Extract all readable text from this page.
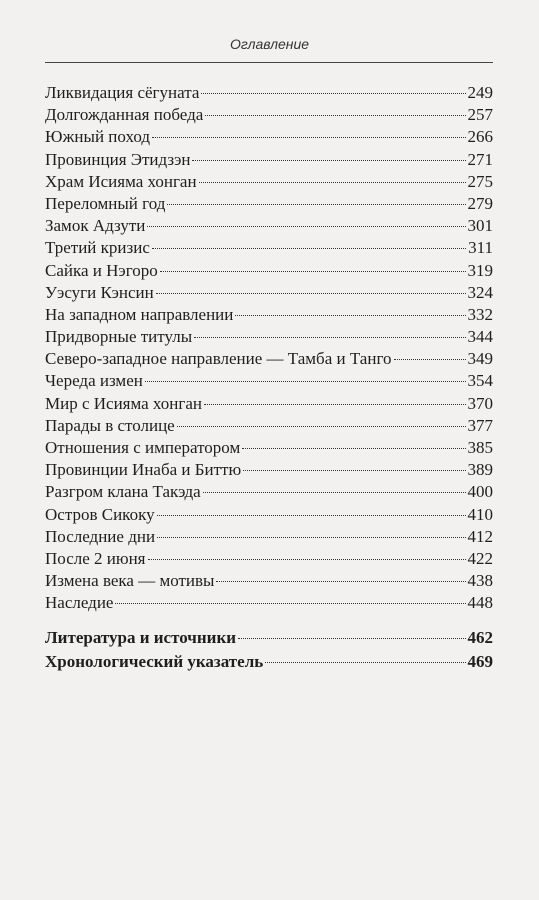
Оглавление
Ликвидация сёгуната	249
Долгожданная победа	257
Южный поход	266
Провинция Этидзэн	271
Храм Исияма хонган	275
Переломный год	279
Замок Адзути	301
Третий кризис	311
Сайка и Нэгоро	319
Уэсуги Кэнсин	324
На западном направлении	332
Придворные титулы	344
Северо-западное направление — Тамба и Танго	349
Череда измен	354
Мир с Исияма хонган	370
Парады в столице	377
Отношения с императором	385
Провинции Инаба и Биттю	389
Разгром клана Такэда	400
Остров Сикоку	410
Последние дни	412
После 2 июня	422
Измена века — мотивы	438
Наследие	448
Литература и источники	462
Хронологический указатель	469
